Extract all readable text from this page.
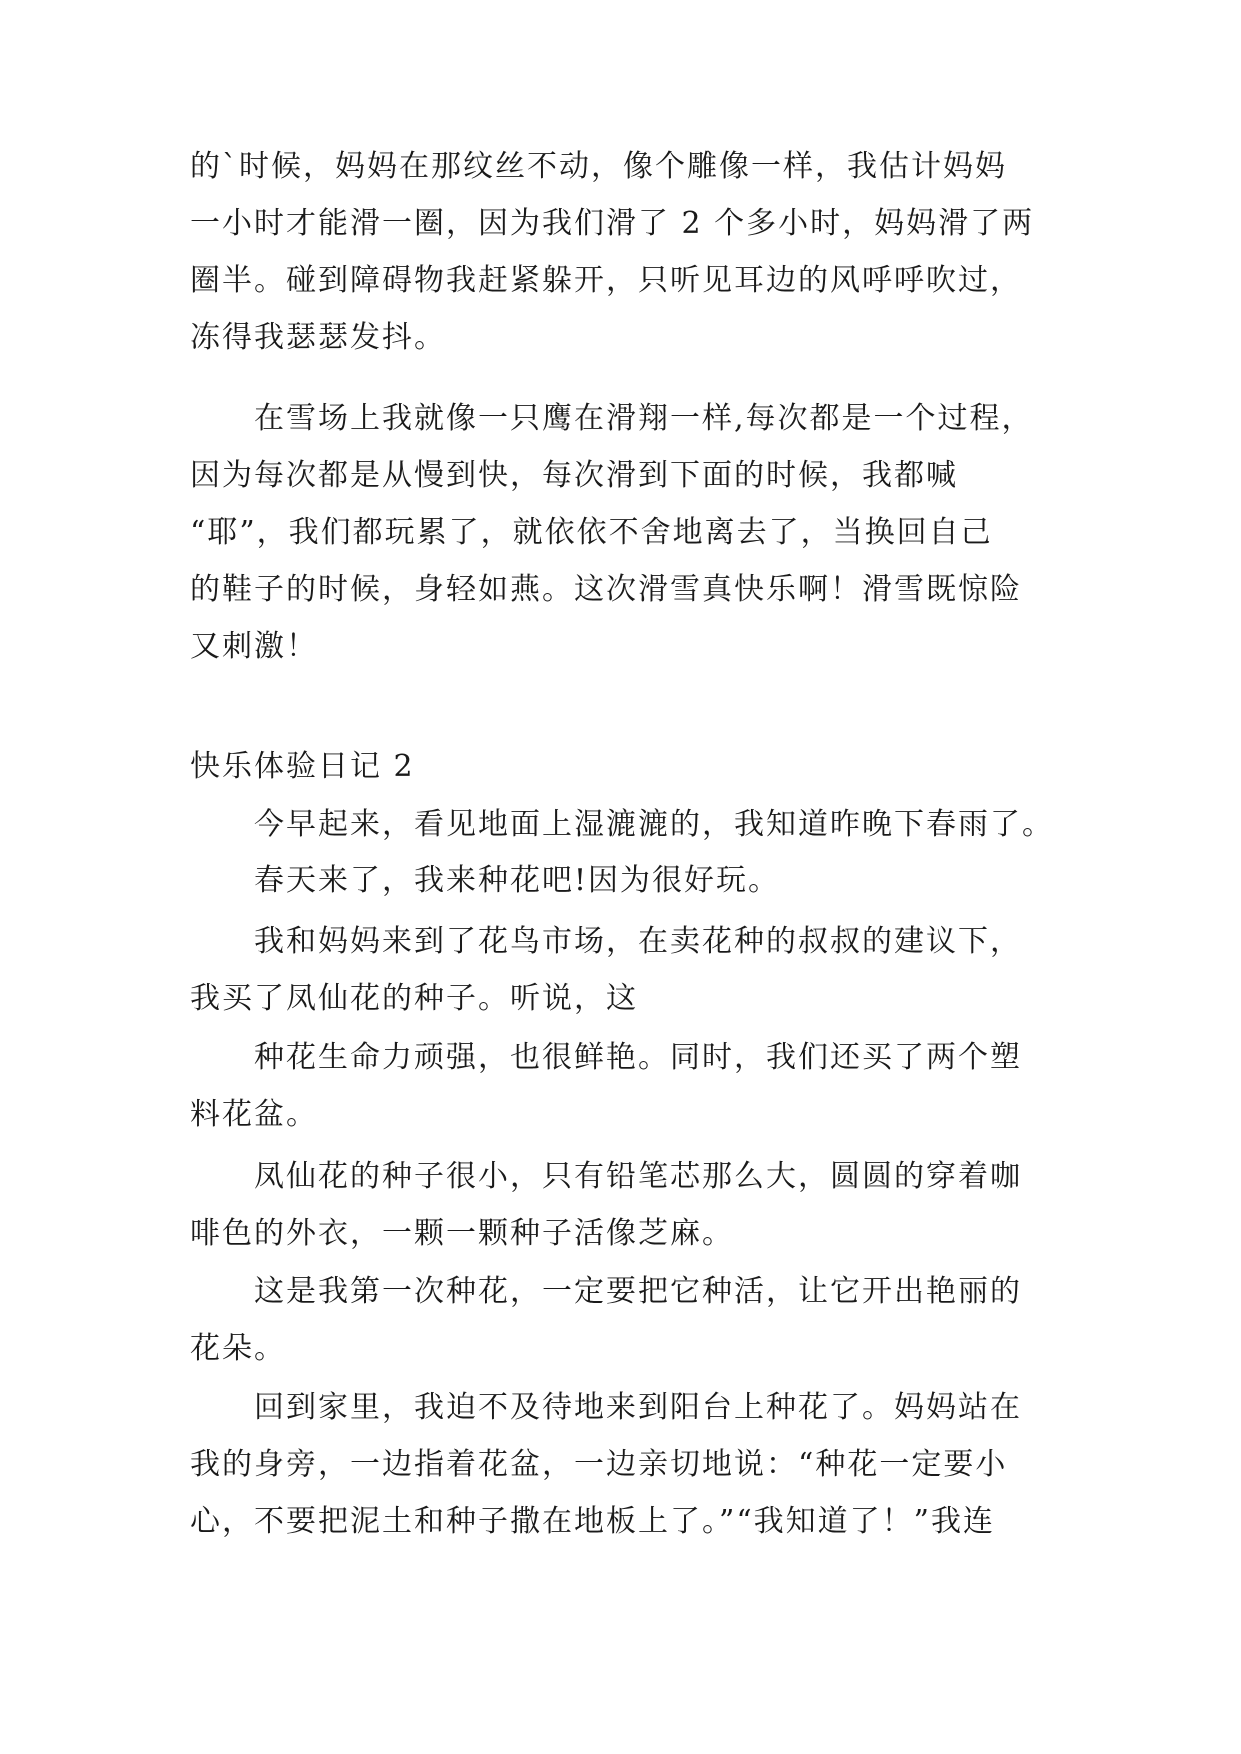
的`时候，妈妈在那纹丝不动，像个雕像一样，我估计妈妈
一小时才能滑一圈，因为我们滑了 2 个多小时，妈妈滑了两
圈半。碰到障碍物我赶紧躲开，只听见耳边的风呼呼吹过，
冻得我瑟瑟发抖。
在雪场上我就像一只鹰在滑翔一样,每次都是一个过程，
因为每次都是从慢到快，每次滑到下面的时候，我都喊
“耶”，我们都玩累了，就依依不舍地离去了，当换回自己
的鞋子的时候，身轻如燕。这次滑雪真快乐啊！滑雪既惊险
又刺激！
快乐体验日记 2
今早起来，看见地面上湿漉漉的，我知道昨晚下春雨了。
春天来了，我来种花吧!因为很好玩。
我和妈妈来到了花鸟市场，在卖花种的叔叔的建议下，
我买了凤仙花的种子。听说，这
种花生命力顽强，也很鲜艳。同时，我们还买了两个塑
料花盆。
凤仙花的种子很小，只有铅笔芯那么大，圆圆的穿着咖
啡色的外衣，一颗一颗种子活像芝麻。
这是我第一次种花，一定要把它种活，让它开出艳丽的
花朵。
回到家里，我迫不及待地来到阳台上种花了。妈妈站在
我的身旁，一边指着花盆，一边亲切地说：“种花一定要小
心，不要把泥土和种子撒在地板上了。”“我知道了！”我连
